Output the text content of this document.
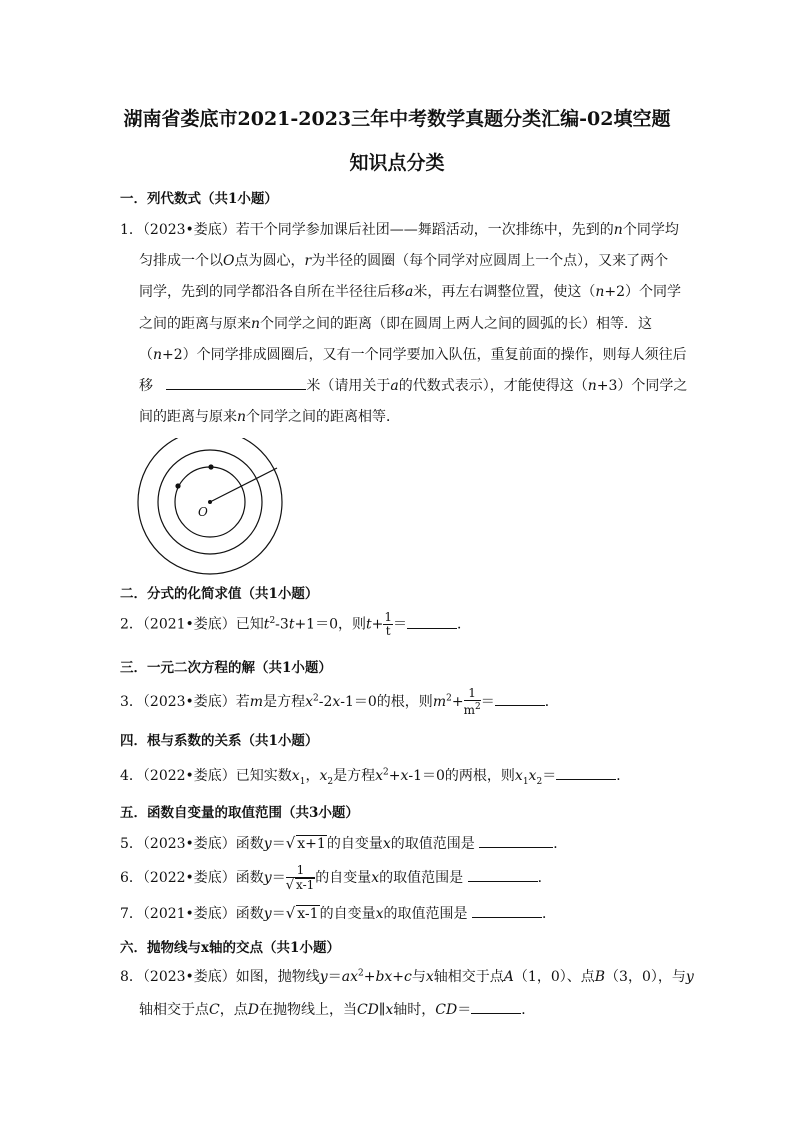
湖南省娄底市2021-2023三年中考数学真题分类汇编-02填空题
知识点分类
一．列代数式（共1小题）
1．（2023•娄底）若干个同学参加课后社团——舞蹈活动，一次排练中，先到的n个同学均
匀排成一个以O点为圆心，r为半径的圆圈（每个同学对应圆周上一个点），又来了两个
同学，先到的同学都沿各自所在半径往后移a米，再左右调整位置，使这（n+2）个同学
之间的距离与原来n个同学之间的距离（即在圆周上两人之间的圆弧的长）相等．这
（n+2）个同学排成圆圈后，又有一个同学要加入队伍，重复前面的操作，则每人须往后
移	米（请用关于a的代数式表示），才能使得这（n+3）个同学之
间的距离与原来n个同学之间的距离相等．
O
二．分式的化简求值（共1小题）
2．（2021•娄底）已知$t^2-3t+1=0$，则$t+ \frac{1}{t}$ ＝	．
三．一元二次方程的解（共1小题）
3．（2023•娄底）若m是方程$x^2-2x-1=0$的根，则$m^2+ \frac{1}{m^2}$ ＝	．
四．根与系数的关系（共1小题）
4．（2022•娄底）已知实数$x_1$，$x_2$是方程$x^2+x-1=0$的两根，则$x_1x_2=$	．
五．函数自变量的取值范围（共3小题）
5．（2023•娄底）函数y＝√ x+1的自变量x的取值范围是	．
6．（2022•娄底）函数$y= \frac{1}{√ x-1}$ 的自变量x的取值范围是	．
7．（2021•娄底）函数y＝√ x-1的自变量x的取值范围是	．
六．抛物线与x轴的交点（共1小题）
8．（2023•娄底）如图，抛物线$y=ax^2+bx+c$与x轴相交于点A（1，0）、点B（3，0），与y
轴相交于点C，点D在抛物线上，当CD∥x轴时，CD＝	．
